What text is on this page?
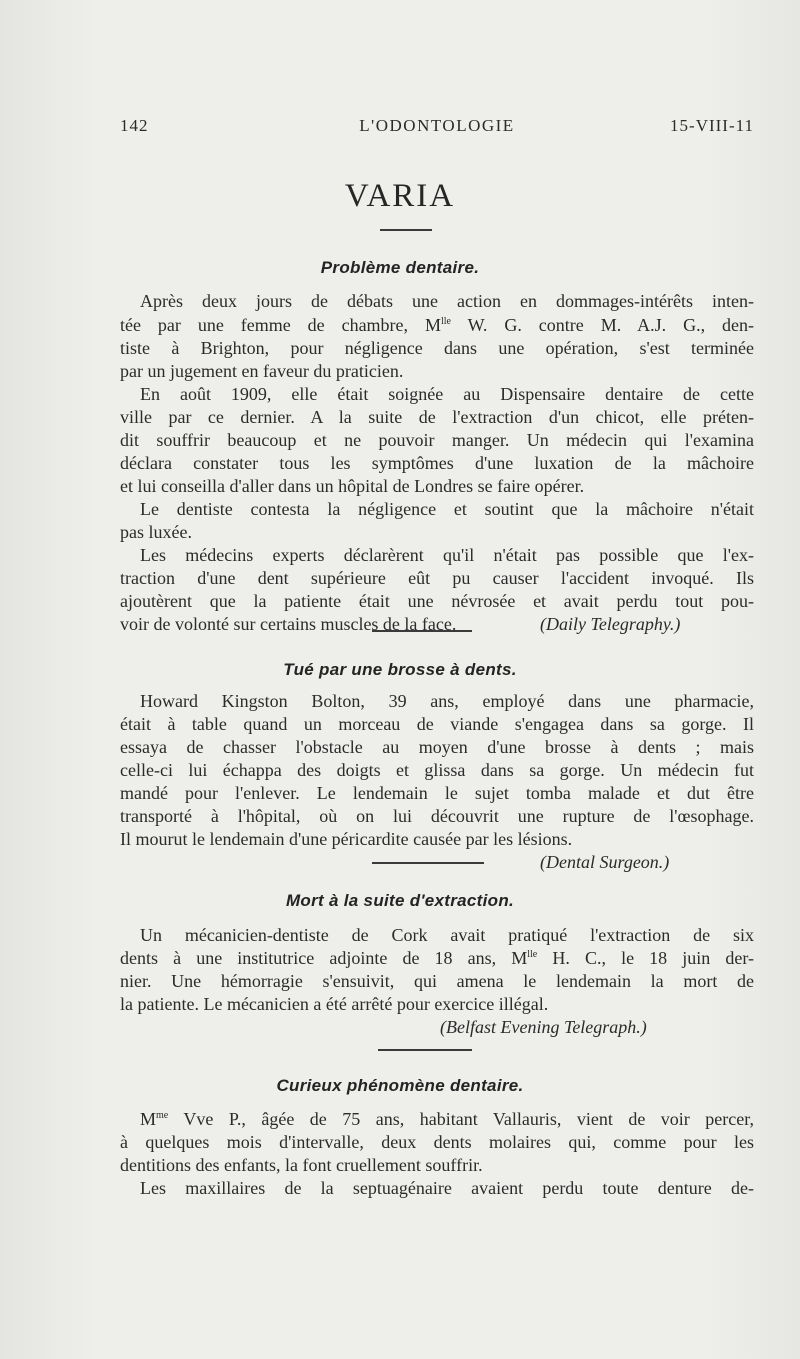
142	L'ODONTOLOGIE	15-VIII-11
VARIA
Problème dentaire.
Après deux jours de débats une action en dommages-intérêts inten-
tée par une femme de chambre, $M^{lle}$ W. G. contre M. A.J. G., den-
tiste à Brighton, pour négligence dans une opération, s'est terminée
par un jugement en faveur du praticien.
En août 1909, elle était soignée au Dispensaire dentaire de cette
ville par ce dernier. A la suite de l'extraction d'un chicot, elle préten-
dit souffrir beaucoup et ne pouvoir manger. Un médecin qui l'examina
déclara constater tous les symptômes d'une luxation de la mâchoire
et lui conseilla d'aller dans un hôpital de Londres se faire opérer.
Le dentiste contesta la négligence et soutint que la mâchoire n'était
pas luxée.
Les médecins experts déclarèrent qu'il n'était pas possible que l'ex-
traction d'une dent supérieure eût pu causer l'accident invoqué. Ils
ajoutèrent que la patiente était une névrosée et avait perdu tout pou-
voir de volonté sur certains muscles de la face.	(Daily Telegraphy.)
Tué par une brosse à dents.
Howard Kingston Bolton, 39 ans, employé dans une pharmacie,
était à table quand un morceau de viande s'engagea dans sa gorge. Il
essaya de chasser l'obstacle au moyen d'une brosse à dents ; mais
celle-ci lui échappa des doigts et glissa dans sa gorge. Un médecin fut
mandé pour l'enlever. Le lendemain le sujet tomba malade et dut être
transporté à l'hôpital, où on lui découvrit une rupture de l'œsophage.
Il mourut le lendemain d'une péricardite causée par les lésions.
(Dental Surgeon.)
Mort à la suite d'extraction.
Un mécanicien-dentiste de Cork avait pratiqué l'extraction de six
dents à une institutrice adjointe de 18 ans, $M^{lle}$ H. C., le 18 juin der-
nier. Une hémorragie s'ensuivit, qui amena le lendemain la mort de
la patiente. Le mécanicien a été arrêté pour exercice illégal.
(Belfast Evening Telegraph.)
Curieux phénomène dentaire.
$M^{me}$ Vve P., âgée de 75 ans, habitant Vallauris, vient de voir percer,
à quelques mois d'intervalle, deux dents molaires qui, comme pour les
dentitions des enfants, la font cruellement souffrir.
Les maxillaires de la septuagénaire avaient perdu toute denture de-
